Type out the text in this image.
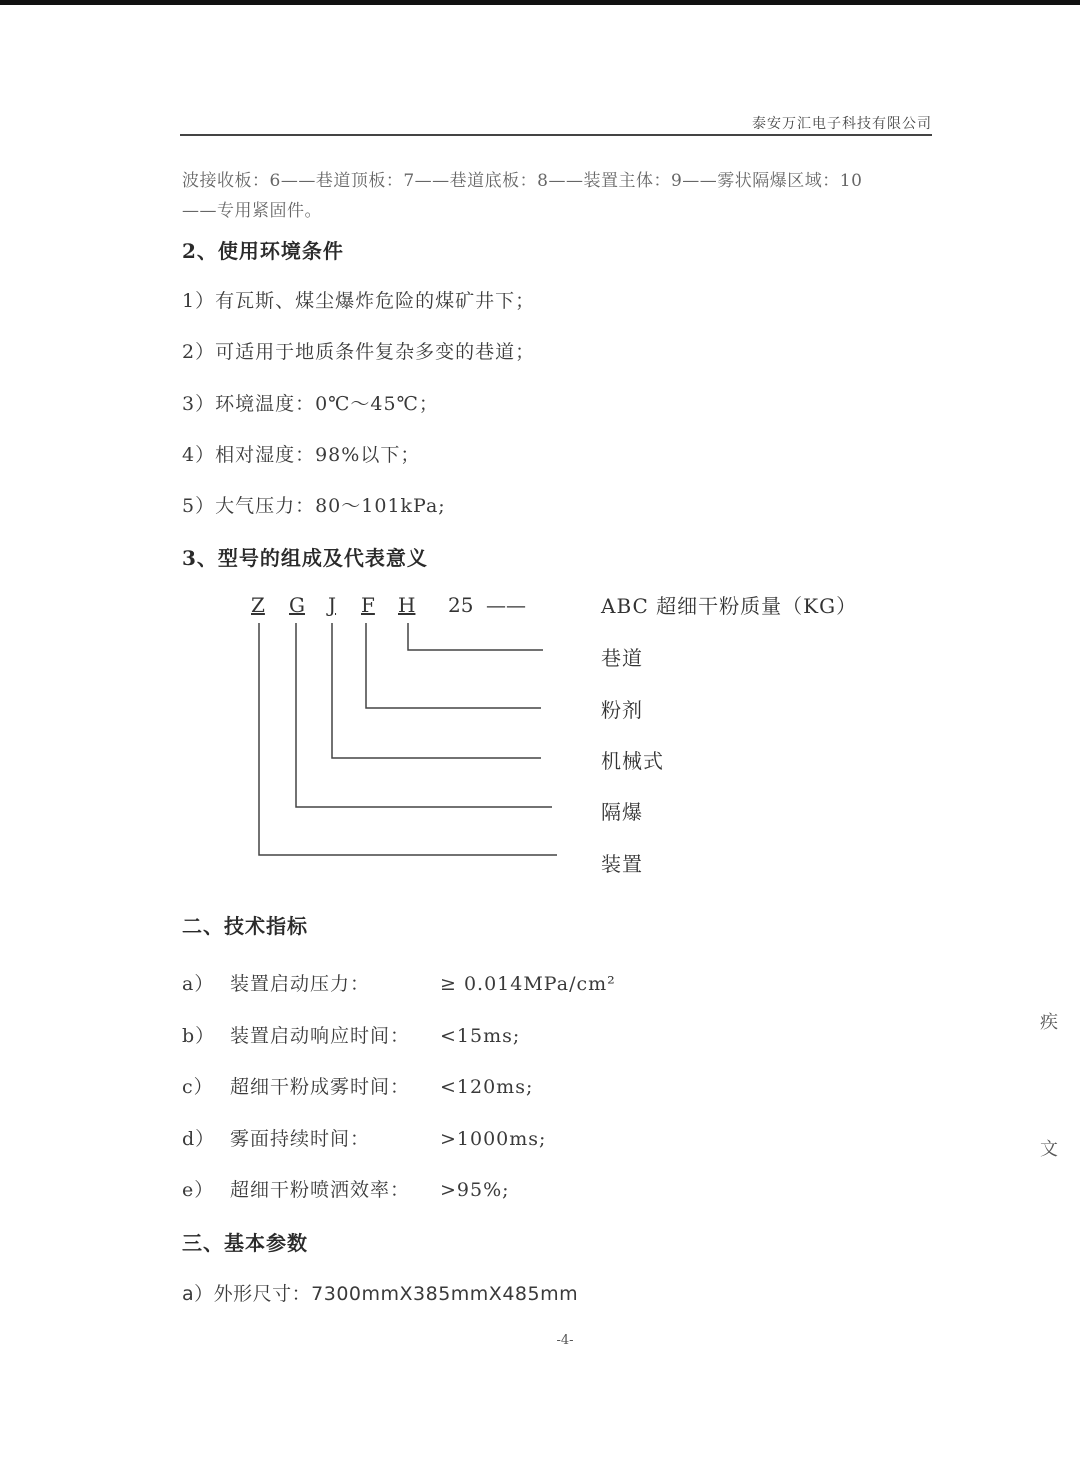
泰安万汇电子科技有限公司
波接收板：6——巷道顶板：7——巷道底板：8——装置主体：9——雾状隔爆区域：10
——专用紧固件。
2、使用环境条件
1）有瓦斯、煤尘爆炸危险的煤矿井下；
2）可适用于地质条件复杂多变的巷道；
3）环境温度：0℃～45℃；
4）相对湿度：98%以下；
5）大气压力：80～101kPa;
3、型号的组成及代表意义
Z G J F H 25 ——	ABC 超细干粉质量（KG）
巷道
粉剂
机械式
隔爆
装置
二、技术指标
a） 装置启动压力：	≥ 0.014MPa/cm²
b） 装置启动响应时间： <15ms;
c） 超细干粉成雾时间： <120ms;
d） 雾面持续时间：	>1000ms;
e） 超细干粉喷洒效率： >95%;
三、基本参数
a）外形尺寸：7300mmX385mmX485mm
-4-
疾
文
